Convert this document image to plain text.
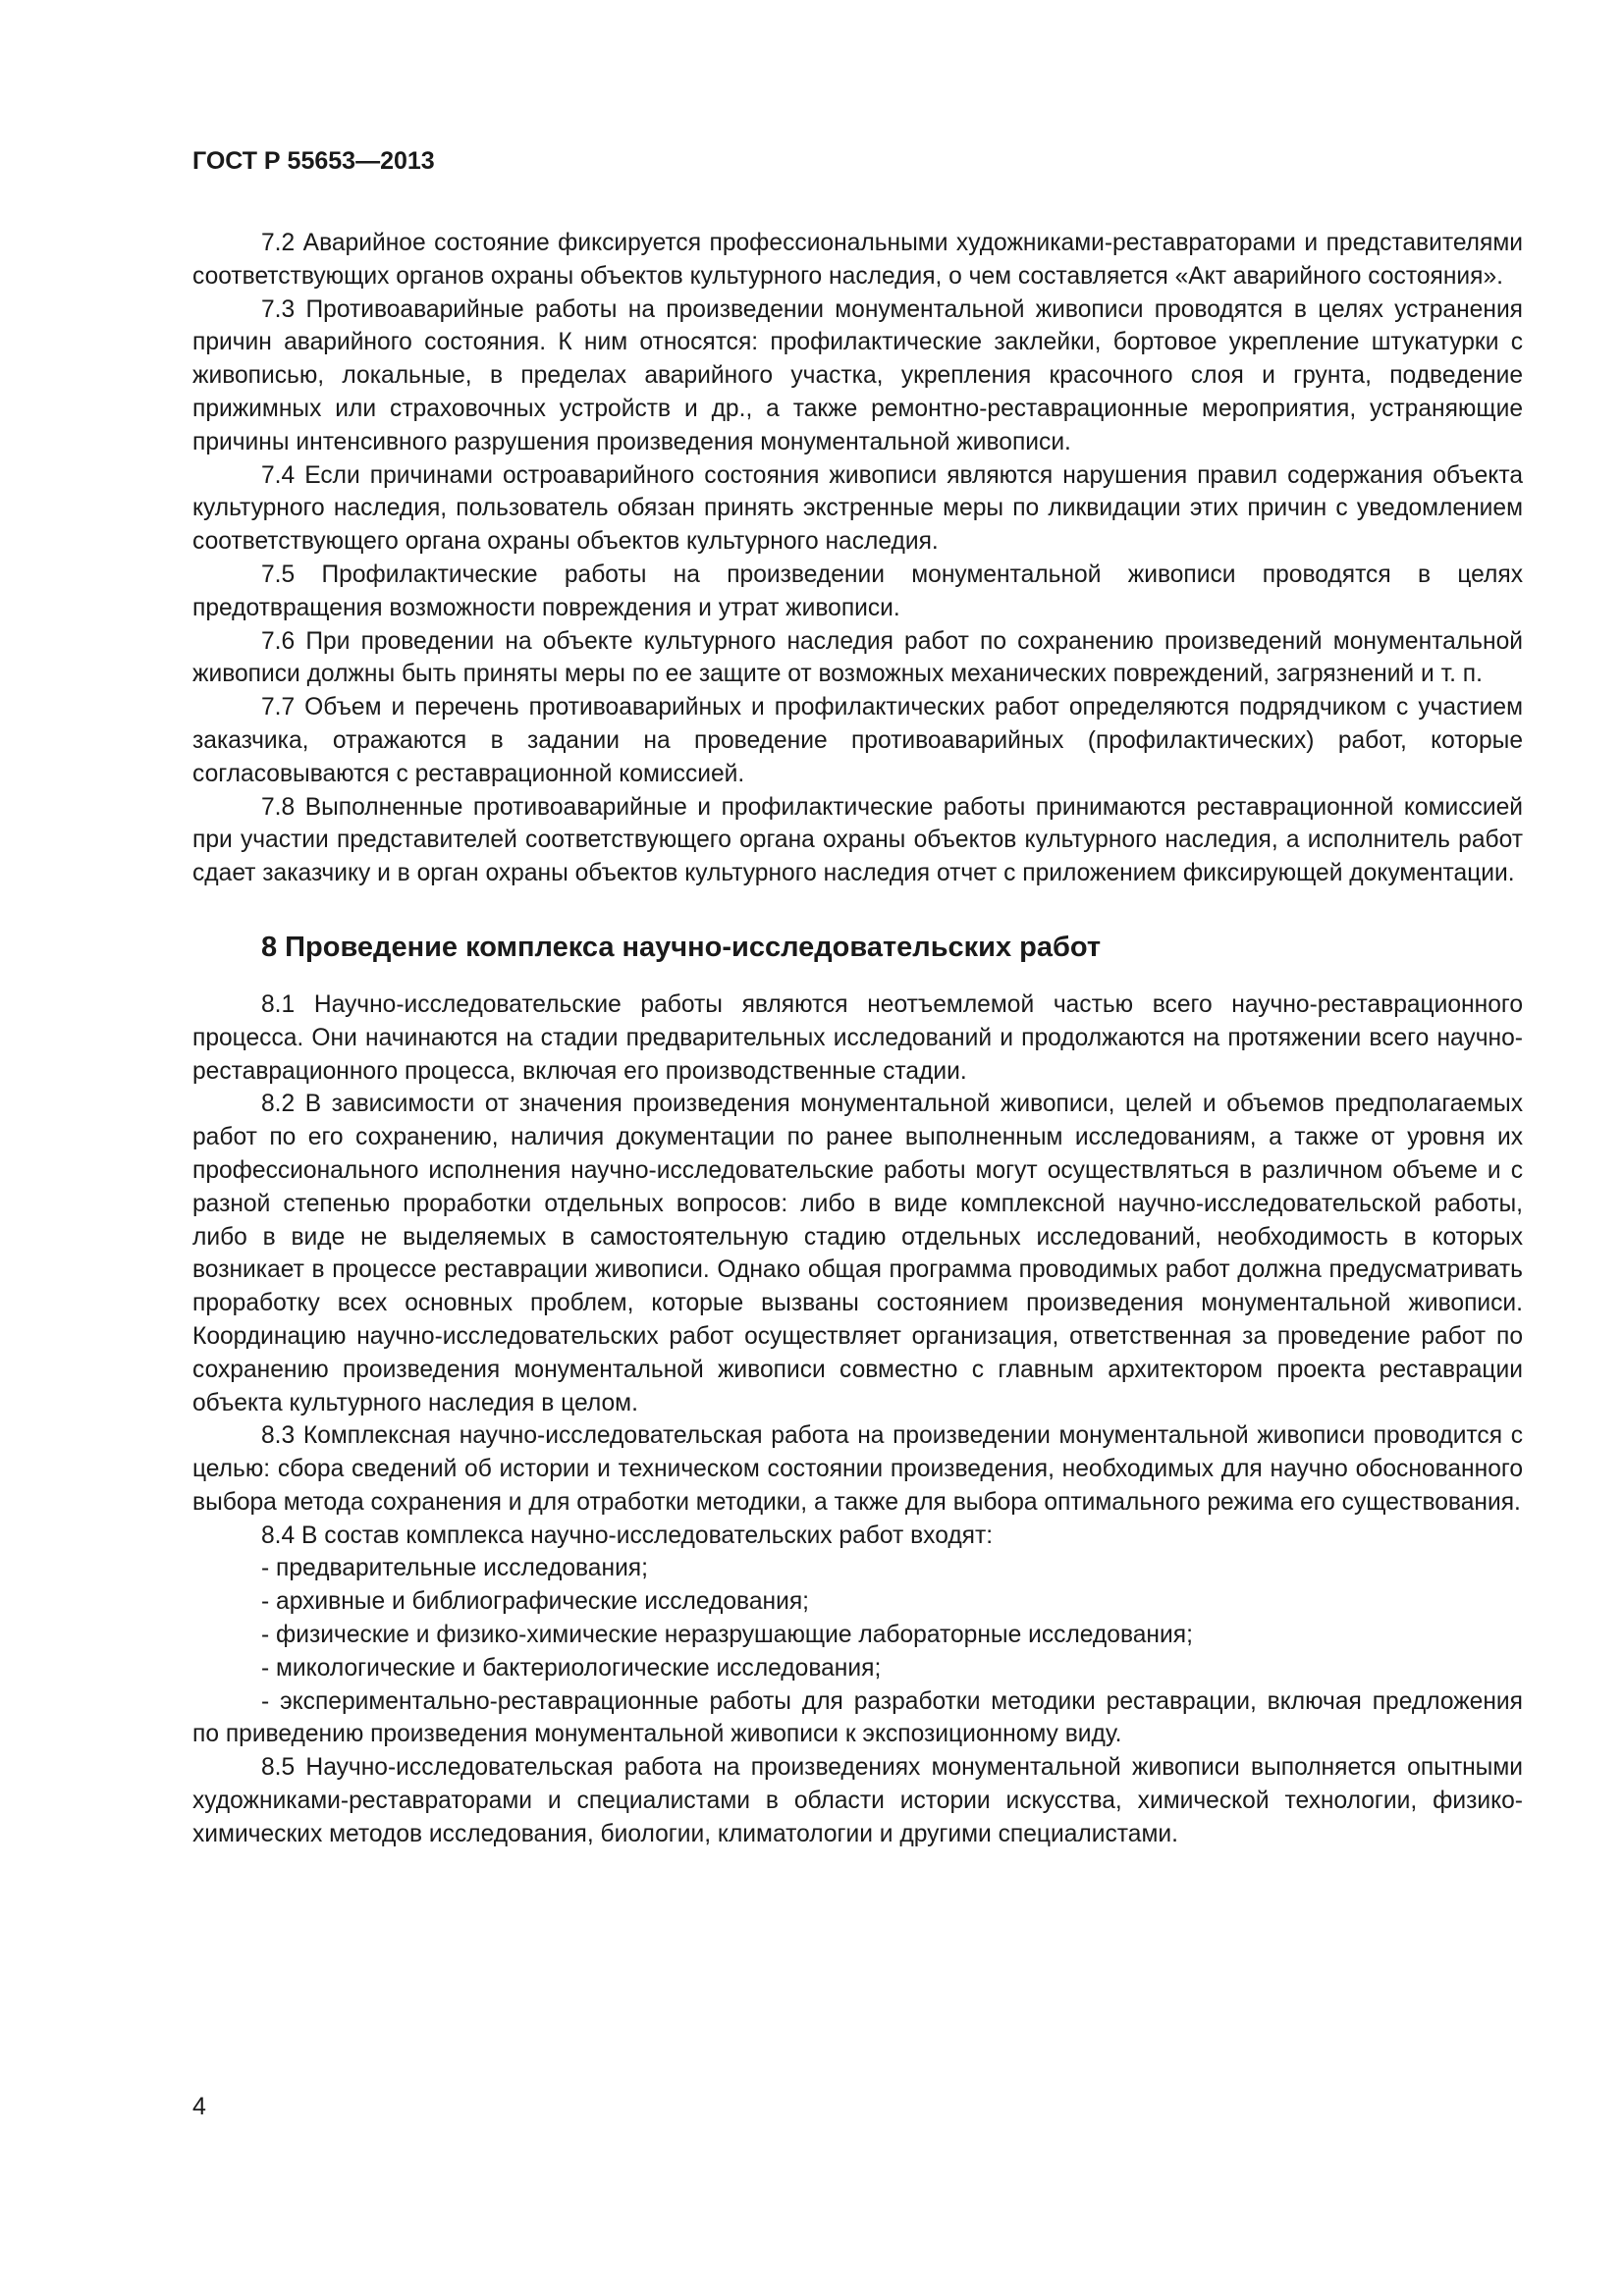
ГОСТ Р 55653—2013

7.2 Аварийное состояние фиксируется профессиональными художниками-реставраторами и представителями соответствующих органов охраны объектов культурного наследия, о чем составляется «Акт аварийного состояния».

7.3 Противоаварийные работы на произведении монументальной живописи проводятся в целях устранения причин аварийного состояния. К ним относятся: профилактические заклейки, бортовое укрепление штукатурки с живописью, локальные, в пределах аварийного участка, укрепления красочного слоя и грунта, подведение прижимных или страховочных устройств и др., а также ремонтно-реставрационные мероприятия, устраняющие причины интенсивного разрушения произведения монументальной живописи.

7.4 Если причинами остроаварийного состояния живописи являются нарушения правил содержания объекта культурного наследия, пользователь обязан принять экстренные меры по ликвидации этих причин с уведомлением соответствующего органа охраны объектов культурного наследия.

7.5 Профилактические работы на произведении монументальной живописи проводятся в целях предотвращения возможности повреждения и утрат живописи.

7.6 При проведении на объекте культурного наследия работ по сохранению произведений монументальной живописи должны быть приняты меры по ее защите от возможных механических повреждений, загрязнений и т. п.

7.7 Объем и перечень противоаварийных и профилактических работ определяются подрядчиком с участием заказчика, отражаются в задании на проведение противоаварийных (профилактических) работ, которые согласовываются с реставрационной комиссией.

7.8 Выполненные противоаварийные и профилактические работы принимаются реставрационной комиссией при участии представителей соответствующего органа охраны объектов культурного наследия, а исполнитель работ сдает заказчику и в орган охраны объектов культурного наследия отчет с приложением фиксирующей документации.

8 Проведение комплекса научно-исследовательских работ

8.1 Научно-исследовательские работы являются неотъемлемой частью всего научно-реставрационного процесса. Они начинаются на стадии предварительных исследований и продолжаются на протяжении всего научно-реставрационного процесса, включая его производственные стадии.

8.2 В зависимости от значения произведения монументальной живописи, целей и объемов предполагаемых работ по его сохранению, наличия документации по ранее выполненным исследованиям, а также от уровня их профессионального исполнения научно-исследовательские работы могут осуществляться в различном объеме и с разной степенью проработки отдельных вопросов: либо в виде комплексной научно-исследовательской работы, либо в виде не выделяемых в самостоятельную стадию отдельных исследований, необходимость в которых возникает в процессе реставрации живописи. Однако общая программа проводимых работ должна предусматривать проработку всех основных проблем, которые вызваны состоянием произведения монументальной живописи. Координацию научно-исследовательских работ осуществляет организация, ответственная за проведение работ по сохранению произведения монументальной живописи совместно с главным архитектором проекта реставрации объекта культурного наследия в целом.

8.3 Комплексная научно-исследовательская работа на произведении монументальной живописи проводится с целью: сбора сведений об истории и техническом состоянии произведения, необходимых для научно обоснованного выбора метода сохранения и для отработки методики, а также для выбора оптимального режима его существования.

8.4 В состав комплекса научно-исследовательских работ входят:

- предварительные исследования;

- архивные и библиографические исследования;

- физические и физико-химические неразрушающие лабораторные исследования;

- микологические и бактериологические исследования;

- экспериментально-реставрационные работы для разработки методики реставрации, включая предложения по приведению произведения монументальной живописи к экспозиционному виду.

8.5 Научно-исследовательская работа на произведениях монументальной живописи выполняется опытными художниками-реставраторами и специалистами в области истории искусства, химической технологии, физико-химических методов исследования, биологии, климатологии и другими специалистами.

4
